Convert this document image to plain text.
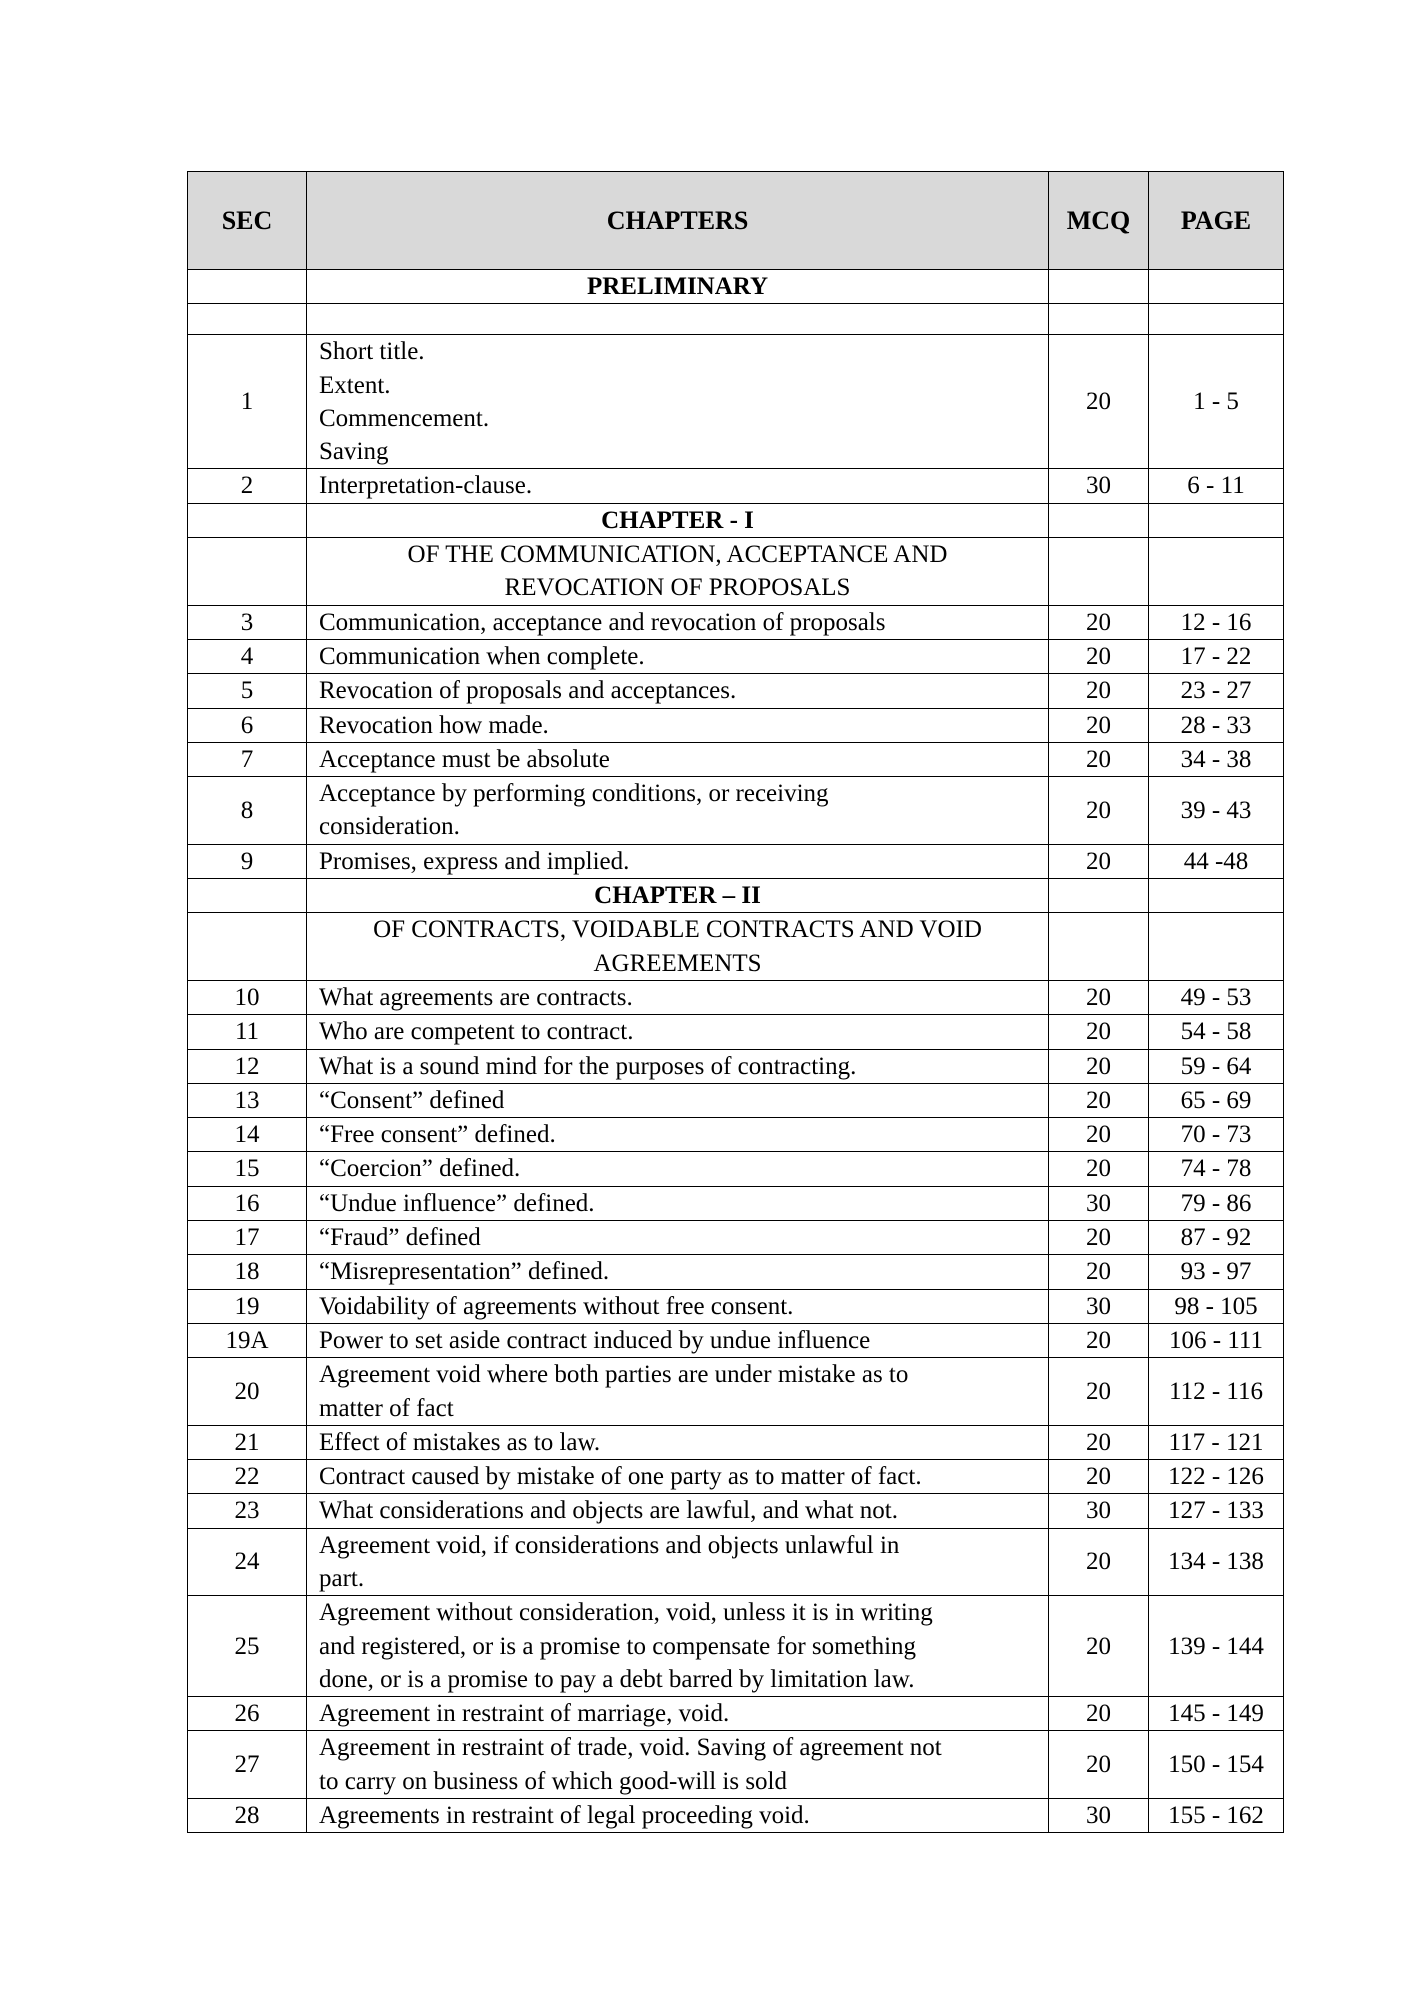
SEC	CHAPTERS	MCQ	PAGE
	PRELIMINARY		

1	Short title.
Extent.
Commencement.
Saving	20	1 - 5
2	Interpretation-clause.	30	6 - 11
	CHAPTER - I		

	OF THE COMMUNICATION, ACCEPTANCE AND
REVOCATION OF PROPOSALS		

3	Communication, acceptance and revocation of proposals	20	12 - 16
4	Communication when complete.	20	17 - 22
5	Revocation of proposals and acceptances.	20	23 - 27
6	Revocation how made.	20	28 - 33
7	Acceptance must be absolute	20	34 - 38
8	Acceptance by performing conditions, or receiving
consideration.	20	39 - 43
9	Promises, express and implied.	20	44 -48
	CHAPTER – II		

	OF CONTRACTS, VOIDABLE CONTRACTS AND VOID
AGREEMENTS		

10	What agreements are contracts.	20	49 - 53
11	Who are competent to contract.	20	54 - 58
12	What is a sound mind for the purposes of contracting.	20	59 - 64
13	“Consent” defined	20	65 - 69
14	“Free consent” defined.	20	70 - 73
15	“Coercion” defined.	20	74 - 78
16	“Undue influence” defined.	30	79 - 86
17	“Fraud” defined	20	87 - 92
18	“Misrepresentation” defined.	20	93 - 97
19	Voidability of agreements without free consent.	30	98 - 105
19A	Power to set aside contract induced by undue influence	20	106 - 111
20	Agreement void where both parties are under mistake as to
matter of fact	20	112 - 116
21	Effect of mistakes as to law.	20	117 - 121
22	Contract caused by mistake of one party as to matter of fact.	20	122 - 126
23	What considerations and objects are lawful, and what not.	30	127 - 133
24	Agreement void, if considerations and objects unlawful in
part.	20	134 - 138
25	Agreement without consideration, void, unless it is in writing
and registered, or is a promise to compensate for something
done, or is a promise to pay a debt barred by limitation law.	20	139 - 144
26	Agreement in restraint of marriage, void.	20	145 - 149
27	Agreement in restraint of trade, void. Saving of agreement not
to carry on business of which good-will is sold	20	150 - 154
28	Agreements in restraint of legal proceeding void.	30	155 - 162
